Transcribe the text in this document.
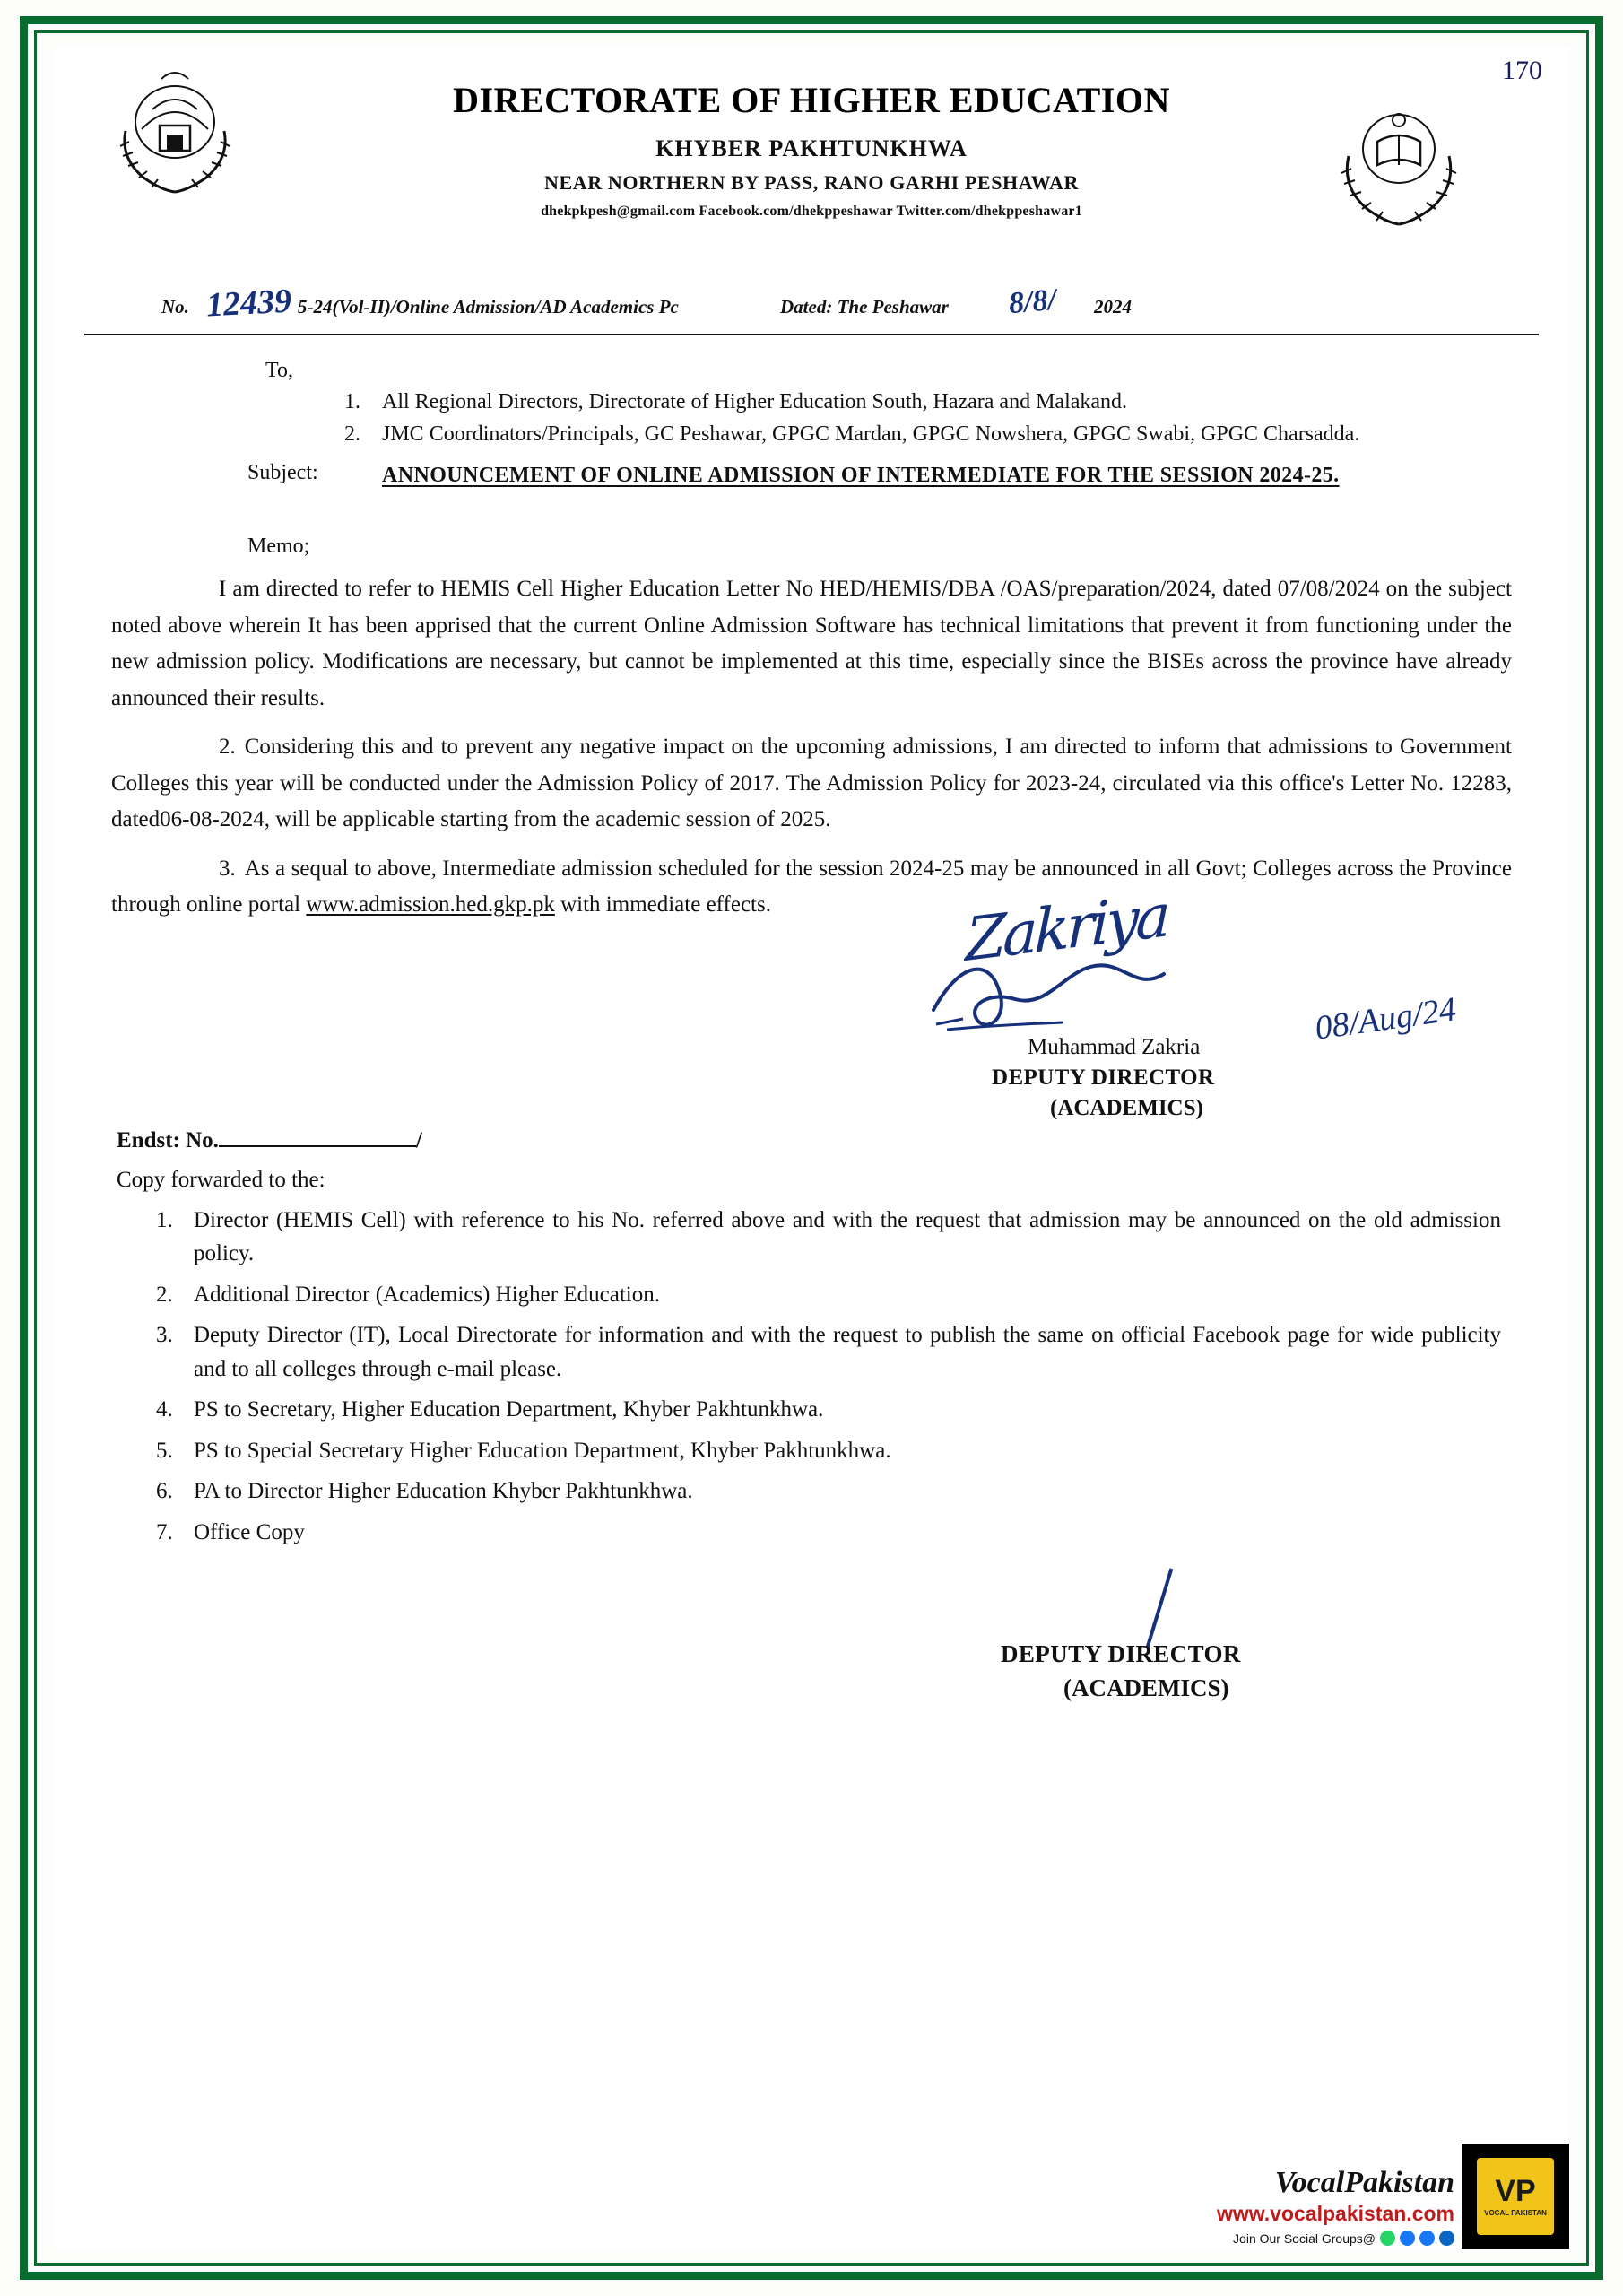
170
DIRECTORATE OF HIGHER EDUCATION
KHYBER PAKHTUNKHWA
NEAR NORTHERN BY PASS, RANO GARHI PESHAWAR
dhekpkpesh@gmail.com Facebook.com/dhekppeshawar Twitter.com/dhekppeshawar1
No. 12439 5-24(Vol-II)/Online Admission/AD Academics Pc	Dated: The Peshawar 8/8/ 2024
To,
1. All Regional Directors, Directorate of Higher Education South, Hazara and Malakand.
2. JMC Coordinators/Principals, GC Peshawar, GPGC Mardan, GPGC Nowshera, GPGC Swabi, GPGC Charsadda.
Subject:	ANNOUNCEMENT OF ONLINE ADMISSION OF INTERMEDIATE FOR THE SESSION 2024-25.
Memo;
I am directed to refer to HEMIS Cell Higher Education Letter No HED/HEMIS/DBA /OAS/preparation/2024, dated 07/08/2024 on the subject noted above wherein It has been apprised that the current Online Admission Software has technical limitations that prevent it from functioning under the new admission policy. Modifications are necessary, but cannot be implemented at this time, especially since the BISEs across the province have already announced their results.
2. Considering this and to prevent any negative impact on the upcoming admissions, I am directed to inform that admissions to Government Colleges this year will be conducted under the Admission Policy of 2017. The Admission Policy for 2023-24, circulated via this office's Letter No. 12283, dated06-08-2024, will be applicable starting from the academic session of 2025.
3. As a sequal to above, Intermediate admission scheduled for the session 2024-25 may be announced in all Govt; Colleges across the Province through online portal www.admission.hed.gkp.pk with immediate effects.	Zakriya
08/Aug/24
Muhammad Zakria
DEPUTY DIRECTOR
(ACADEMICS)
Endst: No.	/
Copy forwarded to the:
1. Director (HEMIS Cell) with reference to his No. referred above and with the request that admission may be announced on the old admission policy.
2. Additional Director (Academics) Higher Education.
3. Deputy Director (IT), Local Directorate for information and with the request to publish the same on official Facebook page for wide publicity and to all colleges through e-mail please.
4. PS to Secretary, Higher Education Department, Khyber Pakhtunkhwa.
5. PS to Special Secretary Higher Education Department, Khyber Pakhtunkhwa.
6. PA to Director Higher Education Khyber Pakhtunkhwa.
7. Office Copy
DEPUTY DIRECTOR
(ACADEMICS)
VocalPakistan
www.vocalpakistan.com
Join Our Social Groups@
VP
VOCAL PAKISTAN
